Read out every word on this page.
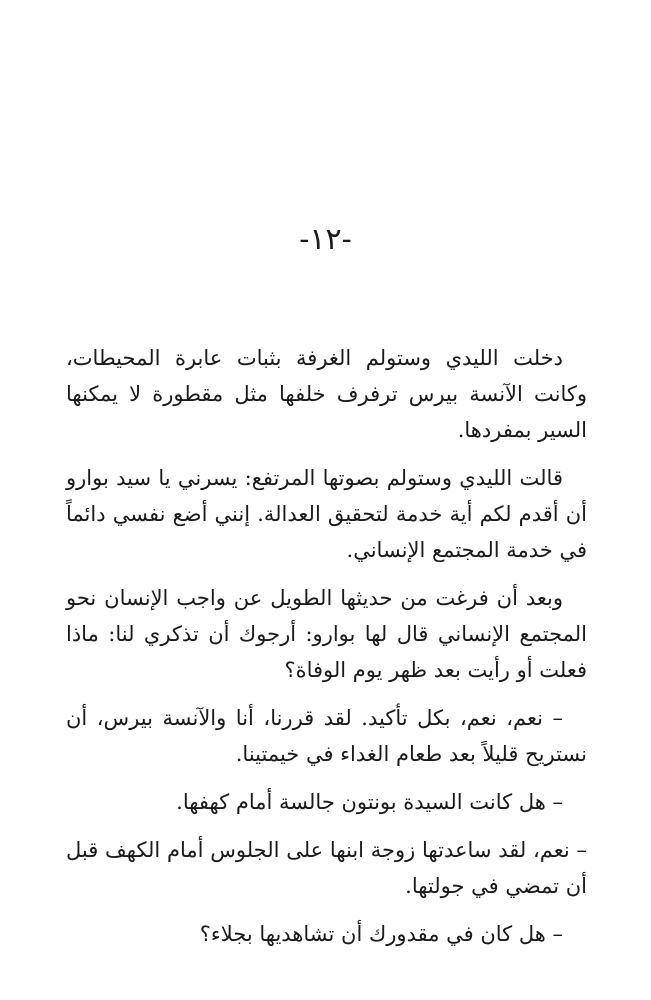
-١٢-

دخلت الليدي وستولم الغرفة بثبات عابرة المحيطات، وكانت الآنسة بيرس ترفرف خلفها مثل مقطورة لا يمكنها السير بمفردها.

قالت الليدي وستولم بصوتها المرتفع: يسرني يا سيد بوارو أن أقدم لكم أية خدمة لتحقيق العدالة. إنني أضع نفسي دائماً في خدمة المجتمع الإنساني.

وبعد أن فرغت من حديثها الطويل عن واجب الإنسان نحو المجتمع الإنساني قال لها بوارو: أرجوك أن تذكري لنا: ماذا فعلت أو رأيت بعد ظهر يوم الوفاة؟

– نعم، نعم، بكل تأكيد. لقد قررنا، أنا والآنسة بيرس، أن نستريح قليلاً بعد طعام الغداء في خيمتينا.

– هل كانت السيدة بونتون جالسة أمام كهفها.

– نعم، لقد ساعدتها زوجة ابنها على الجلوس أمام الكهف قبل أن تمضي في جولتها.

– هل كان في مقدورك أن تشاهديها بجلاء؟
